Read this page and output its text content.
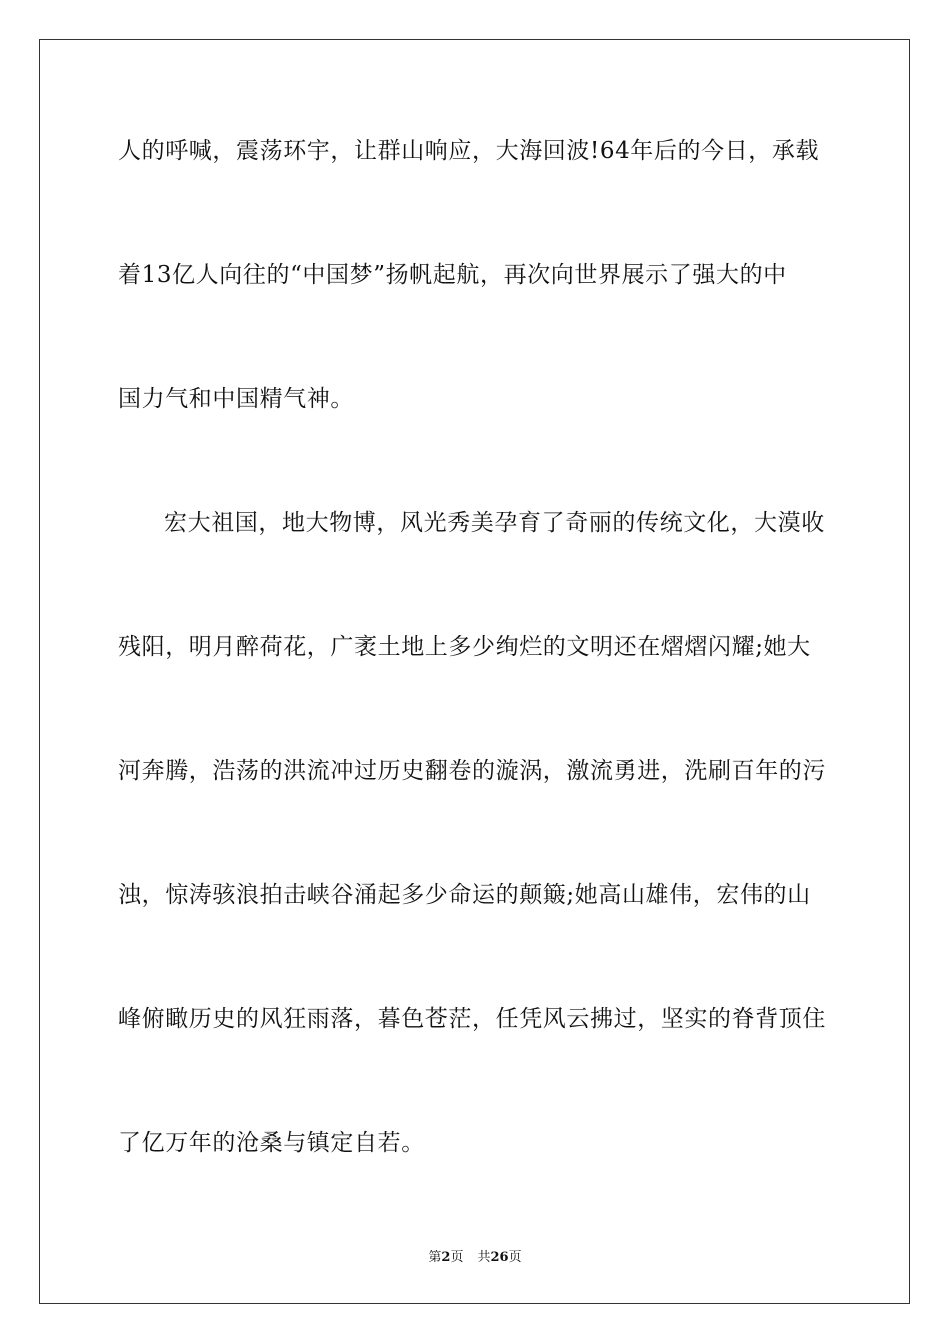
人的呼喊，震荡环宇，让群山响应，大海回波!64年后的今日，承载
着13亿人向往的“中国梦”扬帆起航，再次向世界展示了强大的中
国力气和中国精气神。
宏大祖国，地大物博，风光秀美孕育了奇丽的传统文化，大漠收
残阳，明月醉荷花，广袤土地上多少绚烂的文明还在熠熠闪耀;她大
河奔腾，浩荡的洪流冲过历史翻卷的漩涡，激流勇进，洗刷百年的污
浊，惊涛骇浪拍击峡谷涌起多少命运的颠簸;她高山雄伟，宏伟的山
峰俯瞰历史的风狂雨落，暮色苍茫，任凭风云拂过，坚实的脊背顶住
了亿万年的沧桑与镇定自若。
第2页 共26页
